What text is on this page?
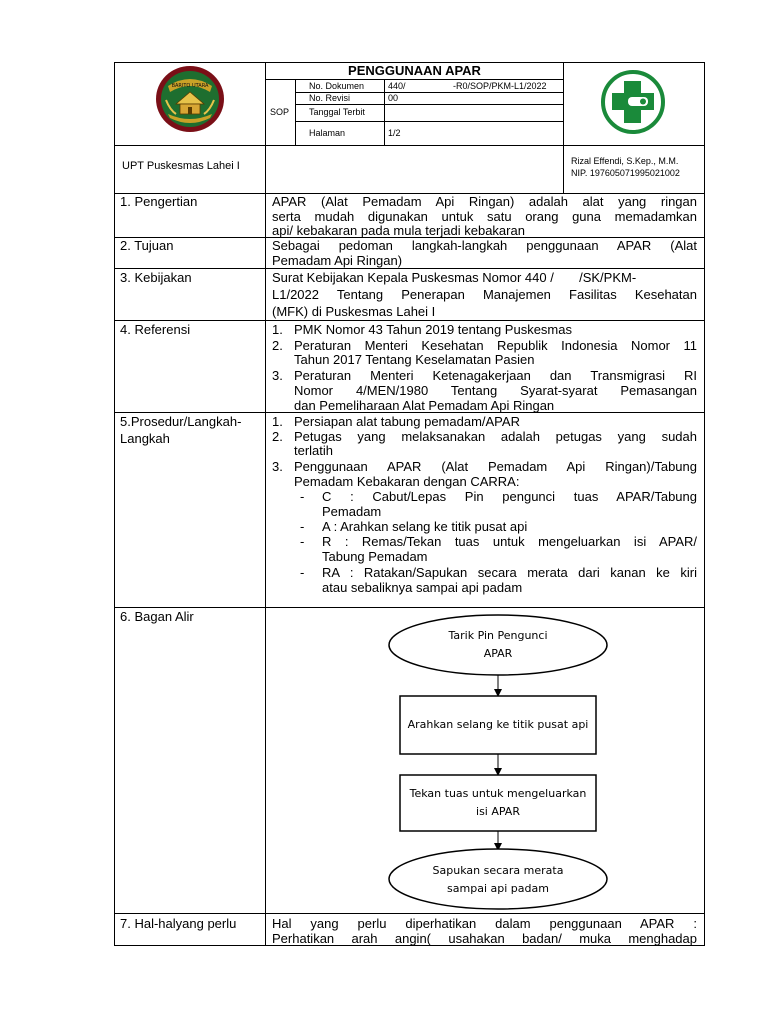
BARITO UTARA
PENGGUNAAN APAR
SOP
No. Dokumen	440/	-R0/SOP/PKM-L1/2022
No. Revisi	00
Tanggal Terbit
Halaman	1/2
UPT Puskesmas Lahei I	Rizal Effendi, S.Kep., M.M.
NIP. 197605071995021002
1. Pengertian	APAR (Alat Pemadam Api Ringan) adalah alat yang ringan
serta mudah digunakan untuk satu orang guna memadamkan
api/ kebakaran pada mula terjadi kebakaran
2. Tujuan	Sebagai pedoman langkah-langkah penggunaan APAR (Alat
Pemadam Api Ringan)
3. Kebijakan	Surat Kebijakan Kepala Puskesmas Nomor 440 /       /SK/PKM-
L1/2022 Tentang Penerapan Manajemen Fasilitas Kesehatan
(MFK) di Puskesmas Lahei I
4. Referensi	1. PMK Nomor 43 Tahun 2019 tentang Puskesmas
2. Peraturan Menteri Kesehatan Republik Indonesia Nomor 11
Tahun 2017 Tentang Keselamatan Pasien
3. Peraturan Menteri Ketenagakerjaan dan Transmigrasi RI
Nomor 4/MEN/1980 Tentang Syarat-syarat Pemasangan
dan Pemeliharaan Alat Pemadam Api Ringan
5.Prosedur/Langkah-
Langkah
1. Persiapan alat tabung pemadam/APAR
2. Petugas yang melaksanakan adalah petugas yang sudah
terlatih
3. Penggunaan APAR (Alat Pemadam Api Ringan)/Tabung
Pemadam Kebakaran dengan CARRA:
- C : Cabut/Lepas Pin pengunci tuas APAR/Tabung
Pemadam
- A : Arahkan selang ke titik pusat api
- R : Remas/Tekan tuas untuk mengeluarkan isi APAR/
Tabung Pemadam
- RA : Ratakan/Sapukan secara merata dari kanan ke kiri
atau sebaliknya sampai api padam
6. Bagan Alir
Tarik Pin Pengunci
APAR
Arahkan selang ke titik pusat api
Tekan tuas untuk mengeluarkan
isi APAR
Sapukan secara merata
sampai api padam
7. Hal-halyang perlu	Hal yang perlu diperhatikan dalam penggunaan APAR :
Perhatikan arah angin( usahakan badan/ muka menghadap
